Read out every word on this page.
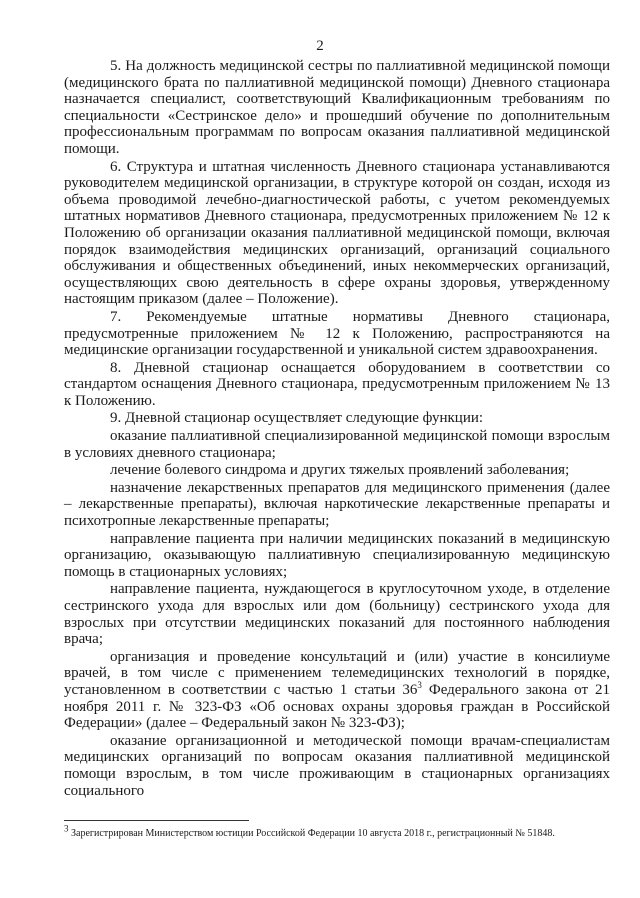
2

5. На должность медицинской сестры по паллиативной медицинской помощи (медицинского брата по паллиативной медицинской помощи) Дневного стационара назначается специалист, соответствующий Квалификационным требованиям по специальности «Сестринское дело» и прошедший обучение по дополнительным профессиональным программам по вопросам оказания паллиативной медицинской помощи.

6. Структура и штатная численность Дневного стационара устанавливаются руководителем медицинской организации, в структуре которой он создан, исходя из объема проводимой лечебно-диагностической работы, с учетом рекомендуемых штатных нормативов Дневного стационара, предусмотренных приложением № 12 к Положению об организации оказания паллиативной медицинской помощи, включая порядок взаимодействия медицинских организаций, организаций социального обслуживания и общественных объединений, иных некоммерческих организаций, осуществляющих свою деятельность в сфере охраны здоровья, утвержденному настоящим приказом (далее – Положение).

7. Рекомендуемые штатные нормативы Дневного стационара, предусмотренные приложением № 12 к Положению, распространяются на медицинские организации государственной и уникальной систем здравоохранения.

8. Дневной стационар оснащается оборудованием в соответствии со стандартом оснащения Дневного стационара, предусмотренным приложением № 13 к Положению.

9. Дневной стационар осуществляет следующие функции:

оказание паллиативной специализированной медицинской помощи взрослым в условиях дневного стационара;

лечение болевого синдрома и других тяжелых проявлений заболевания;

назначение лекарственных препаратов для медицинского применения (далее – лекарственные препараты), включая наркотические лекарственные препараты и психотропные лекарственные препараты;

направление пациента при наличии медицинских показаний в медицинскую организацию, оказывающую паллиативную специализированную медицинскую помощь в стационарных условиях;

направление пациента, нуждающегося в круглосуточном уходе, в отделение сестринского ухода для взрослых или дом (больницу) сестринского ухода для взрослых при отсутствии медицинских показаний для постоянного наблюдения врача;

организация и проведение консультаций и (или) участие в консилиуме врачей, в том числе с применением телемедицинских технологий в порядке, установленном в соответствии с частью 1 статьи $36^3$ Федерального закона от 21 ноября 2011 г. № 323-ФЗ «Об основах охраны здоровья граждан в Российской Федерации» (далее – Федеральный закон № 323-ФЗ);

оказание организационной и методической помощи врачам-специалистам медицинских организаций по вопросам оказания паллиативной медицинской помощи взрослым, в том числе проживающим в стационарных организациях социального

$^3$ Зарегистрирован Министерством юстиции Российской Федерации 10 августа 2018 г., регистрационный № 51848.
